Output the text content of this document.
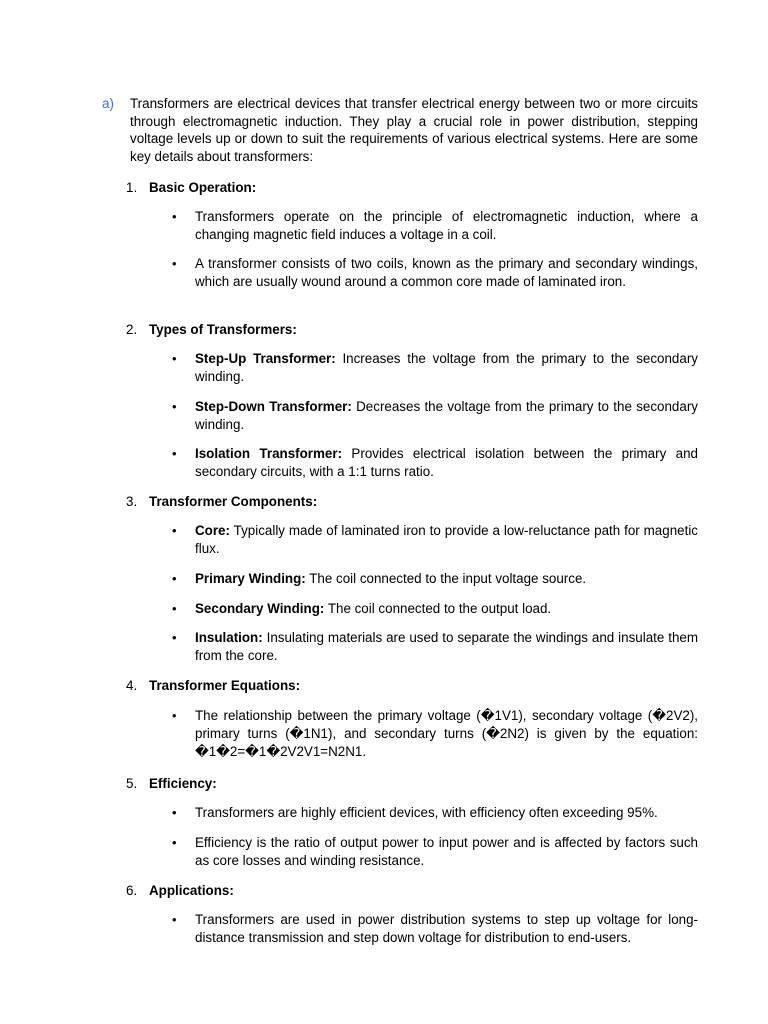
a)	Transformers are electrical devices that transfer electrical energy between two or more circuits through electromagnetic induction. They play a crucial role in power distribution, stepping voltage levels up or down to suit the requirements of various electrical systems. Here are some key details about transformers:
1. Basic Operation:
• Transformers operate on the principle of electromagnetic induction, where a changing magnetic field induces a voltage in a coil.
• A transformer consists of two coils, known as the primary and secondary windings, which are usually wound around a common core made of laminated iron.
2. Types of Transformers:
• Step-Up Transformer: Increases the voltage from the primary to the secondary winding.
• Step-Down Transformer: Decreases the voltage from the primary to the secondary winding.
• Isolation Transformer: Provides electrical isolation between the primary and secondary circuits, with a 1:1 turns ratio.
3. Transformer Components:
• Core: Typically made of laminated iron to provide a low-reluctance path for magnetic flux.
• Primary Winding: The coil connected to the input voltage source.
• Secondary Winding: The coil connected to the output load.
• Insulation: Insulating materials are used to separate the windings and insulate them from the core.
4. Transformer Equations:
• The relationship between the primary voltage (�1V1), secondary voltage (�2V2), primary turns (�1N1), and secondary turns (�2N2) is given by the equation: �1�2=�1�2V2V1=N2N1.
5. Efficiency:
• Transformers are highly efficient devices, with efficiency often exceeding 95%.
• Efficiency is the ratio of output power to input power and is affected by factors such as core losses and winding resistance.
6. Applications:
• Transformers are used in power distribution systems to step up voltage for long-distance transmission and step down voltage for distribution to end-users.
